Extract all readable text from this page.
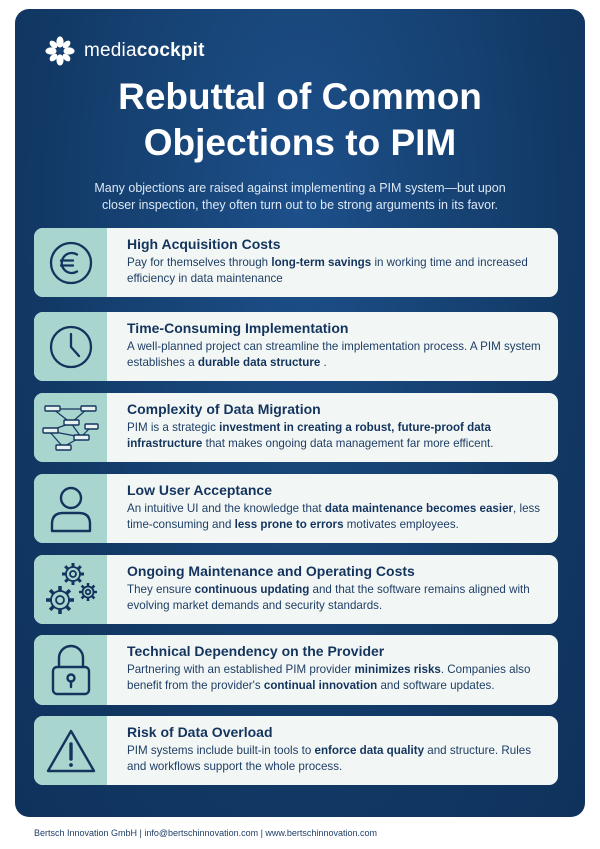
mediacockpit
Rebuttal of Common
Objections to PIM
Many objections are raised against implementing a PIM system—but upon closer inspection, they often turn out to be strong arguments in its favor.
High Acquisition Costs
Pay for themselves through long-term savings in working time and increased efficiency in data maintenance
Time-Consuming Implementation
A well-planned project can streamline the implementation process. A PIM system establishes a durable data structure .
Complexity of Data Migration
PIM is a strategic investment in creating a robust, future-proof data infrastructure that makes ongoing data management far more efficent.
Low User Acceptance
An intuitive UI and the knowledge that data maintenance becomes easier, less time-consuming and less prone to errors motivates employees.
Ongoing Maintenance and Operating Costs
They ensure continuous updating and that the software remains aligned with evolving market demands and security standards.
Technical Dependency on the Provider
Partnering with an established PIM provider minimizes risks. Companies also benefit from the provider's continual innovation and software updates.
Risk of Data Overload
PIM systems include built-in tools to enforce data quality and structure. Rules and workflows support the whole process.
Bertsch Innovation GmbH | info@bertschinnovation.com | www.bertschinnovation.com
